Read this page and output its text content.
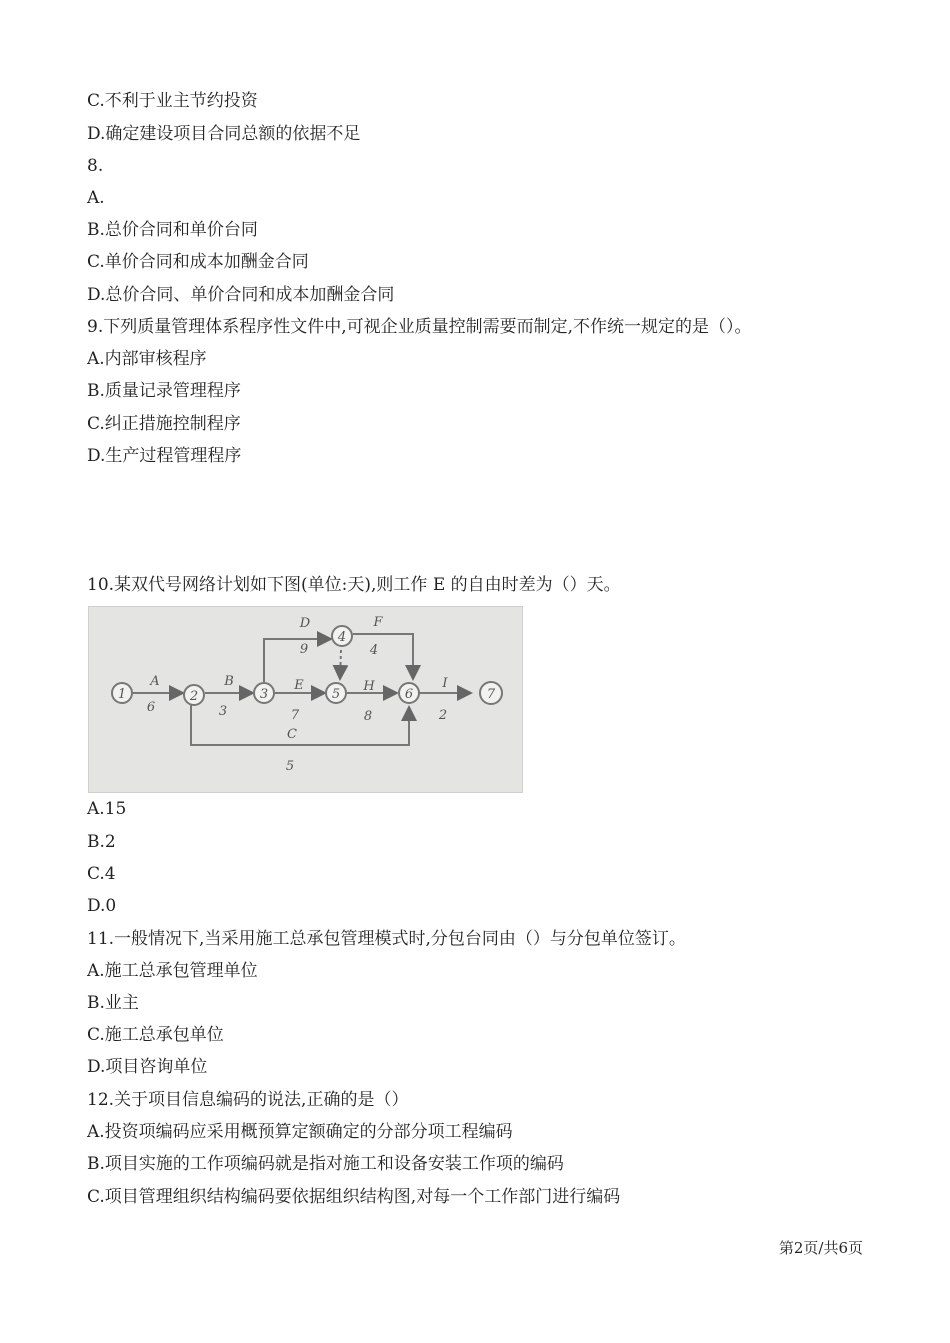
C.不利于业主节约投资
D.确定建设项目合同总额的依据不足
8.
A.
B.总价合同和单价台同
C.单价合同和成本加酬金合同
D.总价合同、单价合同和成本加酬金合同
9.下列质量管理体系程序性文件中,可视企业质量控制需要而制定,不作统一规定的是（）。
A.内部审核程序
B.质量记录管理程序
C.纠正措施控制程序
D.生产过程管理程序
10.某双代号网络计划如下图(单位:天),则工作 E 的自由时差为（）天。
1	2	3
4
5	6	7
A
6
B
3
D
9
F
4
E
7
H
8
I
2
C
5
A.15
B.2
C.4
D.0
11.一般情况下,当采用施工总承包管理模式时,分包台同由（）与分包单位签订。
A.施工总承包管理单位
B.业主
C.施工总承包单位
D.项目咨询单位
12.关于项目信息编码的说法,正确的是（）
A.投资项编码应采用概预算定额确定的分部分项工程编码
B.项目实施的工作项编码就是指对施工和设备安装工作项的编码
C.项目管理组织结构编码要依据组织结构图,对每一个工作部门进行编码
第2页/共6页
